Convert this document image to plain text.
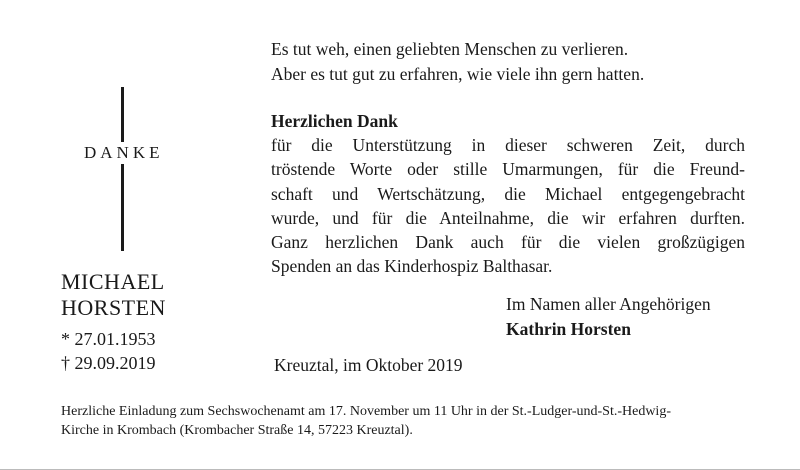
DANKE
MICHAEL
HORSTEN
* 27.01.1953
† 29.09.2019
Es tut weh, einen geliebten Menschen zu verlieren.
Aber es tut gut zu erfahren, wie viele ihn gern hatten.
Herzlichen Dank
für die Unterstützung in dieser schweren Zeit, durch
tröstende Worte oder stille Umarmungen, für die Freund-
schaft und Wertschätzung, die Michael entgegengebracht
wurde, und für die Anteilnahme, die wir erfahren durften.
Ganz herzlichen Dank auch für die vielen großzügigen
Spenden an das Kinderhospiz Balthasar.
Im Namen aller Angehörigen
Kathrin Horsten
Kreuztal, im Oktober 2019
Herzliche Einladung zum Sechswochenamt am 17. November um 11 Uhr in der St.-Ludger-und-St.-Hedwig-
Kirche in Krombach (Krombacher Straße 14, 57223 Kreuztal).
